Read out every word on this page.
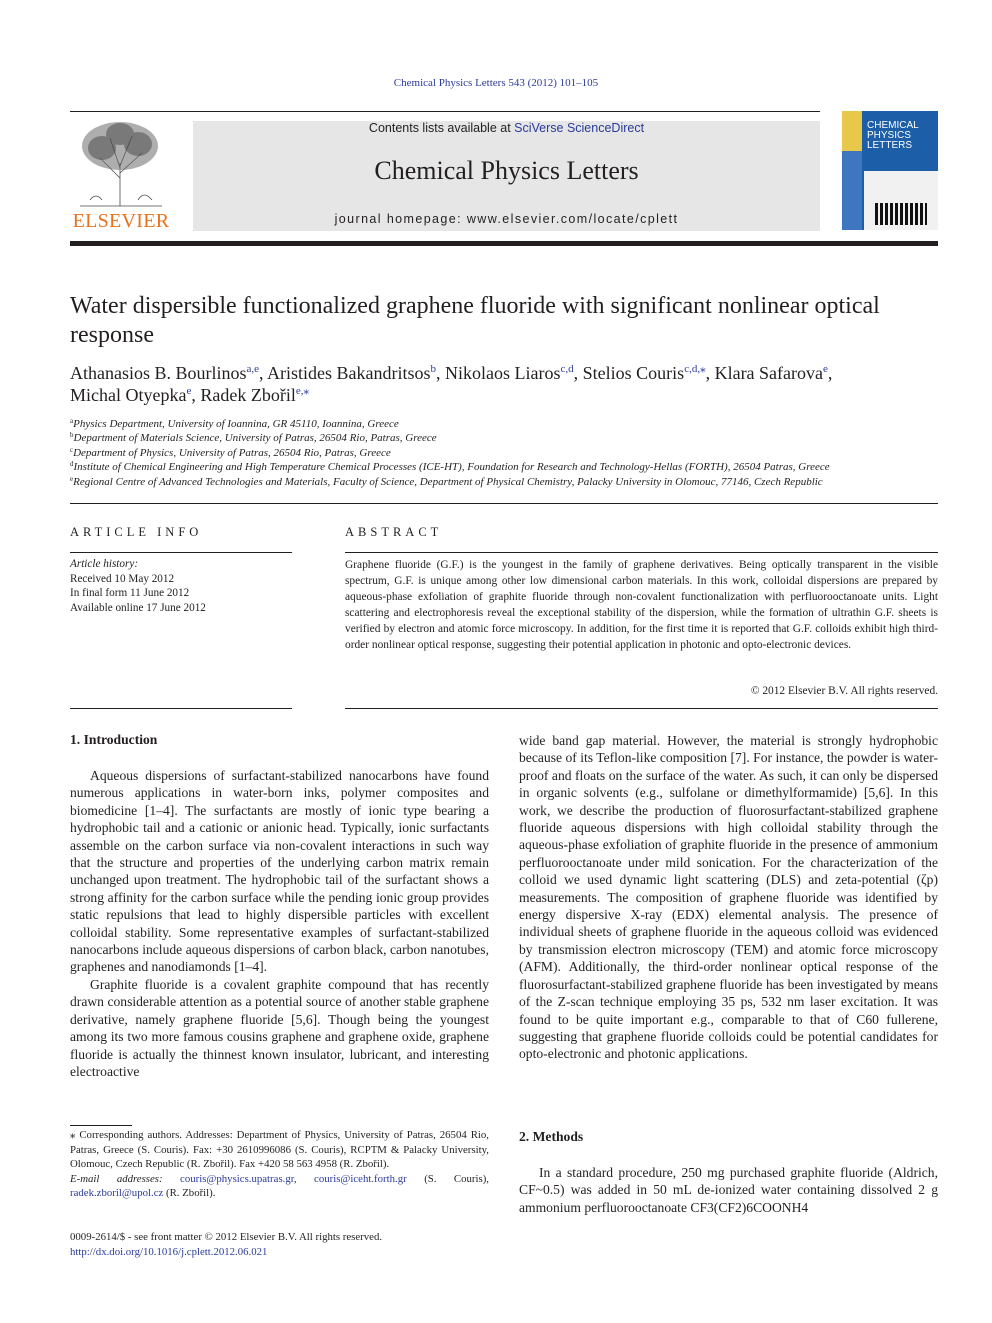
Chemical Physics Letters 543 (2012) 101–105
ELSEVIER
Contents lists available at SciVerse ScienceDirect
Chemical Physics Letters
journal homepage: www.elsevier.com/locate/cplett
CHEMICAL
PHYSICS
LETTERS
Water dispersible functionalized graphene fluoride with significant nonlinear optical response
Athanasios B. Bourlinos$^{a,e}$, Aristides Bakandritsos$^b$, Nikolaos Liaros$^{c,d}$, Stelios Couris$^{c,d,⁎}$, Klara Safarova$^e$,
Michal Otyepka$^e$, Radek Zbořil$^{e,⁎}$
$^a$Physics Department, University of Ioannina, GR 45110, Ioannina, Greece
$^b$Department of Materials Science, University of Patras, 26504 Rio, Patras, Greece
$^c$Department of Physics, University of Patras, 26504 Rio, Patras, Greece
$^d$Institute of Chemical Engineering and High Temperature Chemical Processes (ICE-HT), Foundation for Research and Technology-Hellas (FORTH), 26504 Patras, Greece
$^e$Regional Centre of Advanced Technologies and Materials, Faculty of Science, Department of Physical Chemistry, Palacky University in Olomouc, 77146, Czech Republic
ARTICLE INFO	ABSTRACT
Article history:
Received 10 May 2012
In final form 11 June 2012
Available online 17 June 2012
Graphene fluoride (G.F.) is the youngest in the family of graphene derivatives. Being optically transparent in the visible spectrum, G.F. is unique among other low dimensional carbon materials. In this work, colloidal dispersions are prepared by aqueous-phase exfoliation of graphite fluoride through non-covalent functionalization with perfluorooctanoate units. Light scattering and electrophoresis reveal the exceptional stability of the dispersion, while the formation of ultrathin G.F. sheets is verified by electron and atomic force microscopy. In addition, for the first time it is reported that G.F. colloids exhibit high third-order nonlinear optical response, suggesting their potential application in photonic and opto-electronic devices.
© 2012 Elsevier B.V. All rights reserved.
1. Introduction

Aqueous dispersions of surfactant-stabilized nanocarbons have found numerous applications in water-born inks, polymer composites and biomedicine [1–4]. The surfactants are mostly of ionic type bearing a hydrophobic tail and a cationic or anionic head. Typically, ionic surfactants assemble on the carbon surface via non-covalent interactions in such way that the structure and properties of the underlying carbon matrix remain unchanged upon treatment. The hydrophobic tail of the surfactant shows a strong affinity for the carbon surface while the pending ionic group provides static repulsions that lead to highly dispersible particles with excellent colloidal stability. Some representative examples of surfactant-stabilized nanocarbons include aqueous dispersions of carbon black, carbon nanotubes, graphenes and nanodiamonds [1–4].

Graphite fluoride is a covalent graphite compound that has recently drawn considerable attention as a potential source of another stable graphene derivative, namely graphene fluoride [5,6]. Though being the youngest among its two more famous cousins graphene and graphene oxide, graphene fluoride is actually the thinnest known insulator, lubricant, and interesting electroactive

wide band gap material. However, the material is strongly hydrophobic because of its Teflon-like composition [7]. For instance, the powder is water-proof and floats on the surface of the water. As such, it can only be dispersed in organic solvents (e.g., sulfolane or dimethylformamide) [5,6]. In this work, we describe the production of fluorosurfactant-stabilized graphene fluoride aqueous dispersions with high colloidal stability through the aqueous-phase exfoliation of graphite fluoride in the presence of ammonium perfluorooctanoate under mild sonication. For the characterization of the colloid we used dynamic light scattering (DLS) and zeta-potential (ζp) measurements. The composition of graphene fluoride was identified by energy dispersive X-ray (EDX) elemental analysis. The presence of individual sheets of graphene fluoride in the aqueous colloid was evidenced by transmission electron microscopy (TEM) and atomic force microscopy (AFM). Additionally, the third-order nonlinear optical response of the fluorosurfactant-stabilized graphene fluoride has been investigated by means of the Z-scan technique employing 35 ps, 532 nm laser excitation. It was found to be quite important e.g., comparable to that of C60 fullerene, suggesting that graphene fluoride colloids could be potential candidates for opto-electronic and photonic applications.

2. Methods

In a standard procedure, 250 mg purchased graphite fluoride (Aldrich, CF~0.5) was added in 50 mL de-ionized water containing dissolved 2 g ammonium perfluorooctanoate CF3(CF2)6COONH4

⁎ Corresponding authors. Addresses: Department of Physics, University of Patras, 26504 Rio, Patras, Greece (S. Couris). Fax: +30 2610996086 (S. Couris), RCPTM & Palacky University, Olomouc, Czech Republic (R. Zbořil). Fax +420 58 563 4958 (R. Zbořil).
E-mail addresses: couris@physics.upatras.gr, couris@iceht.forth.gr (S. Couris), radek.zboril@upol.cz (R. Zbořil).
0009-2614/$ - see front matter © 2012 Elsevier B.V. All rights reserved.
http://dx.doi.org/10.1016/j.cplett.2012.06.021
